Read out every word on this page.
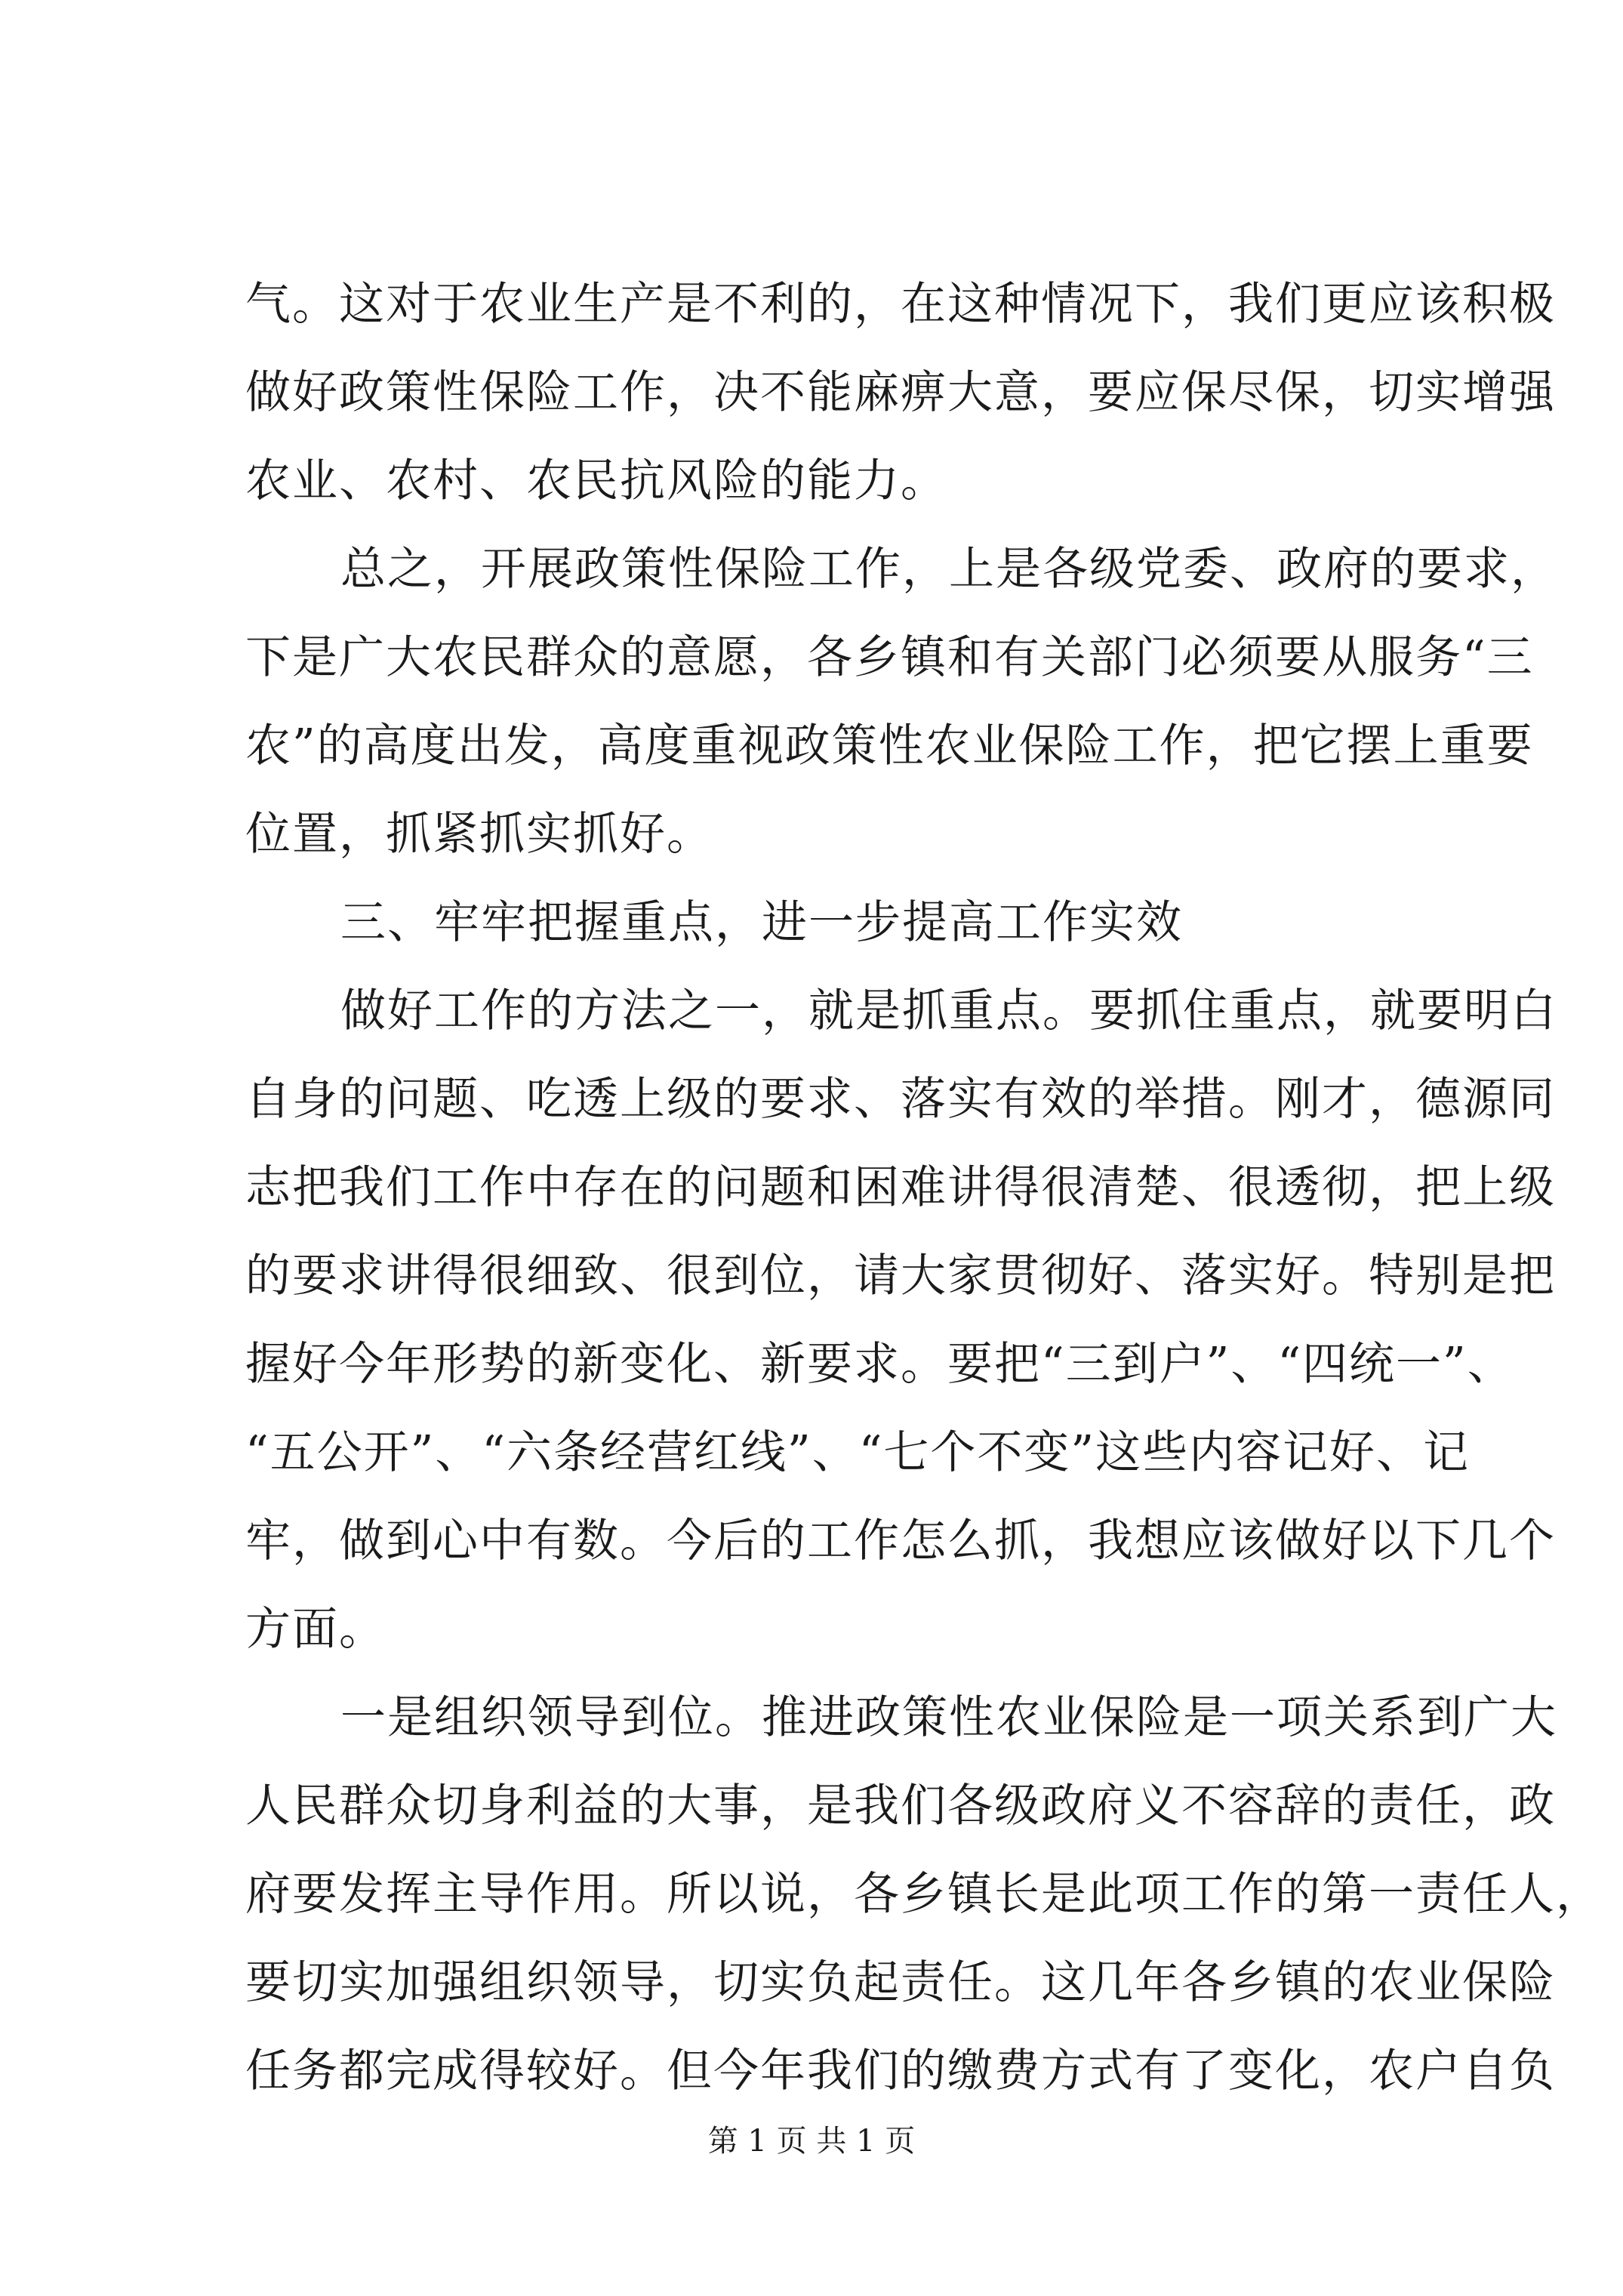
气。这对于农业生产是不利的，在这种情况下，我们更应该积极
做好政策性保险工作，决不能麻痹大意，要应保尽保，切实增强
农业、农村、农民抗风险的能力。
总之，开展政策性保险工作，上是各级党委、政府的要求，
下是广大农民群众的意愿，各乡镇和有关部门必须要从服务“三
农”的高度出发，高度重视政策性农业保险工作，把它摆上重要
位置，抓紧抓实抓好。
三、牢牢把握重点，进一步提高工作实效
做好工作的方法之一，就是抓重点。要抓住重点，就要明白
自身的问题、吃透上级的要求、落实有效的举措。刚才，德源同
志把我们工作中存在的问题和困难讲得很清楚、很透彻，把上级
的要求讲得很细致、很到位，请大家贯彻好、落实好。特别是把
握好今年形势的新变化、新要求。要把“三到户”、“四统一”、
“五公开”、“六条经营红线”、“七个不变”这些内容记好、记
牢，做到心中有数。今后的工作怎么抓，我想应该做好以下几个
方面。
一是组织领导到位。推进政策性农业保险是一项关系到广大
人民群众切身利益的大事，是我们各级政府义不容辞的责任，政
府要发挥主导作用。所以说，各乡镇长是此项工作的第一责任人，
要切实加强组织领导，切实负起责任。这几年各乡镇的农业保险
任务都完成得较好。但今年我们的缴费方式有了变化，农户自负
第 1 页 共 1 页
